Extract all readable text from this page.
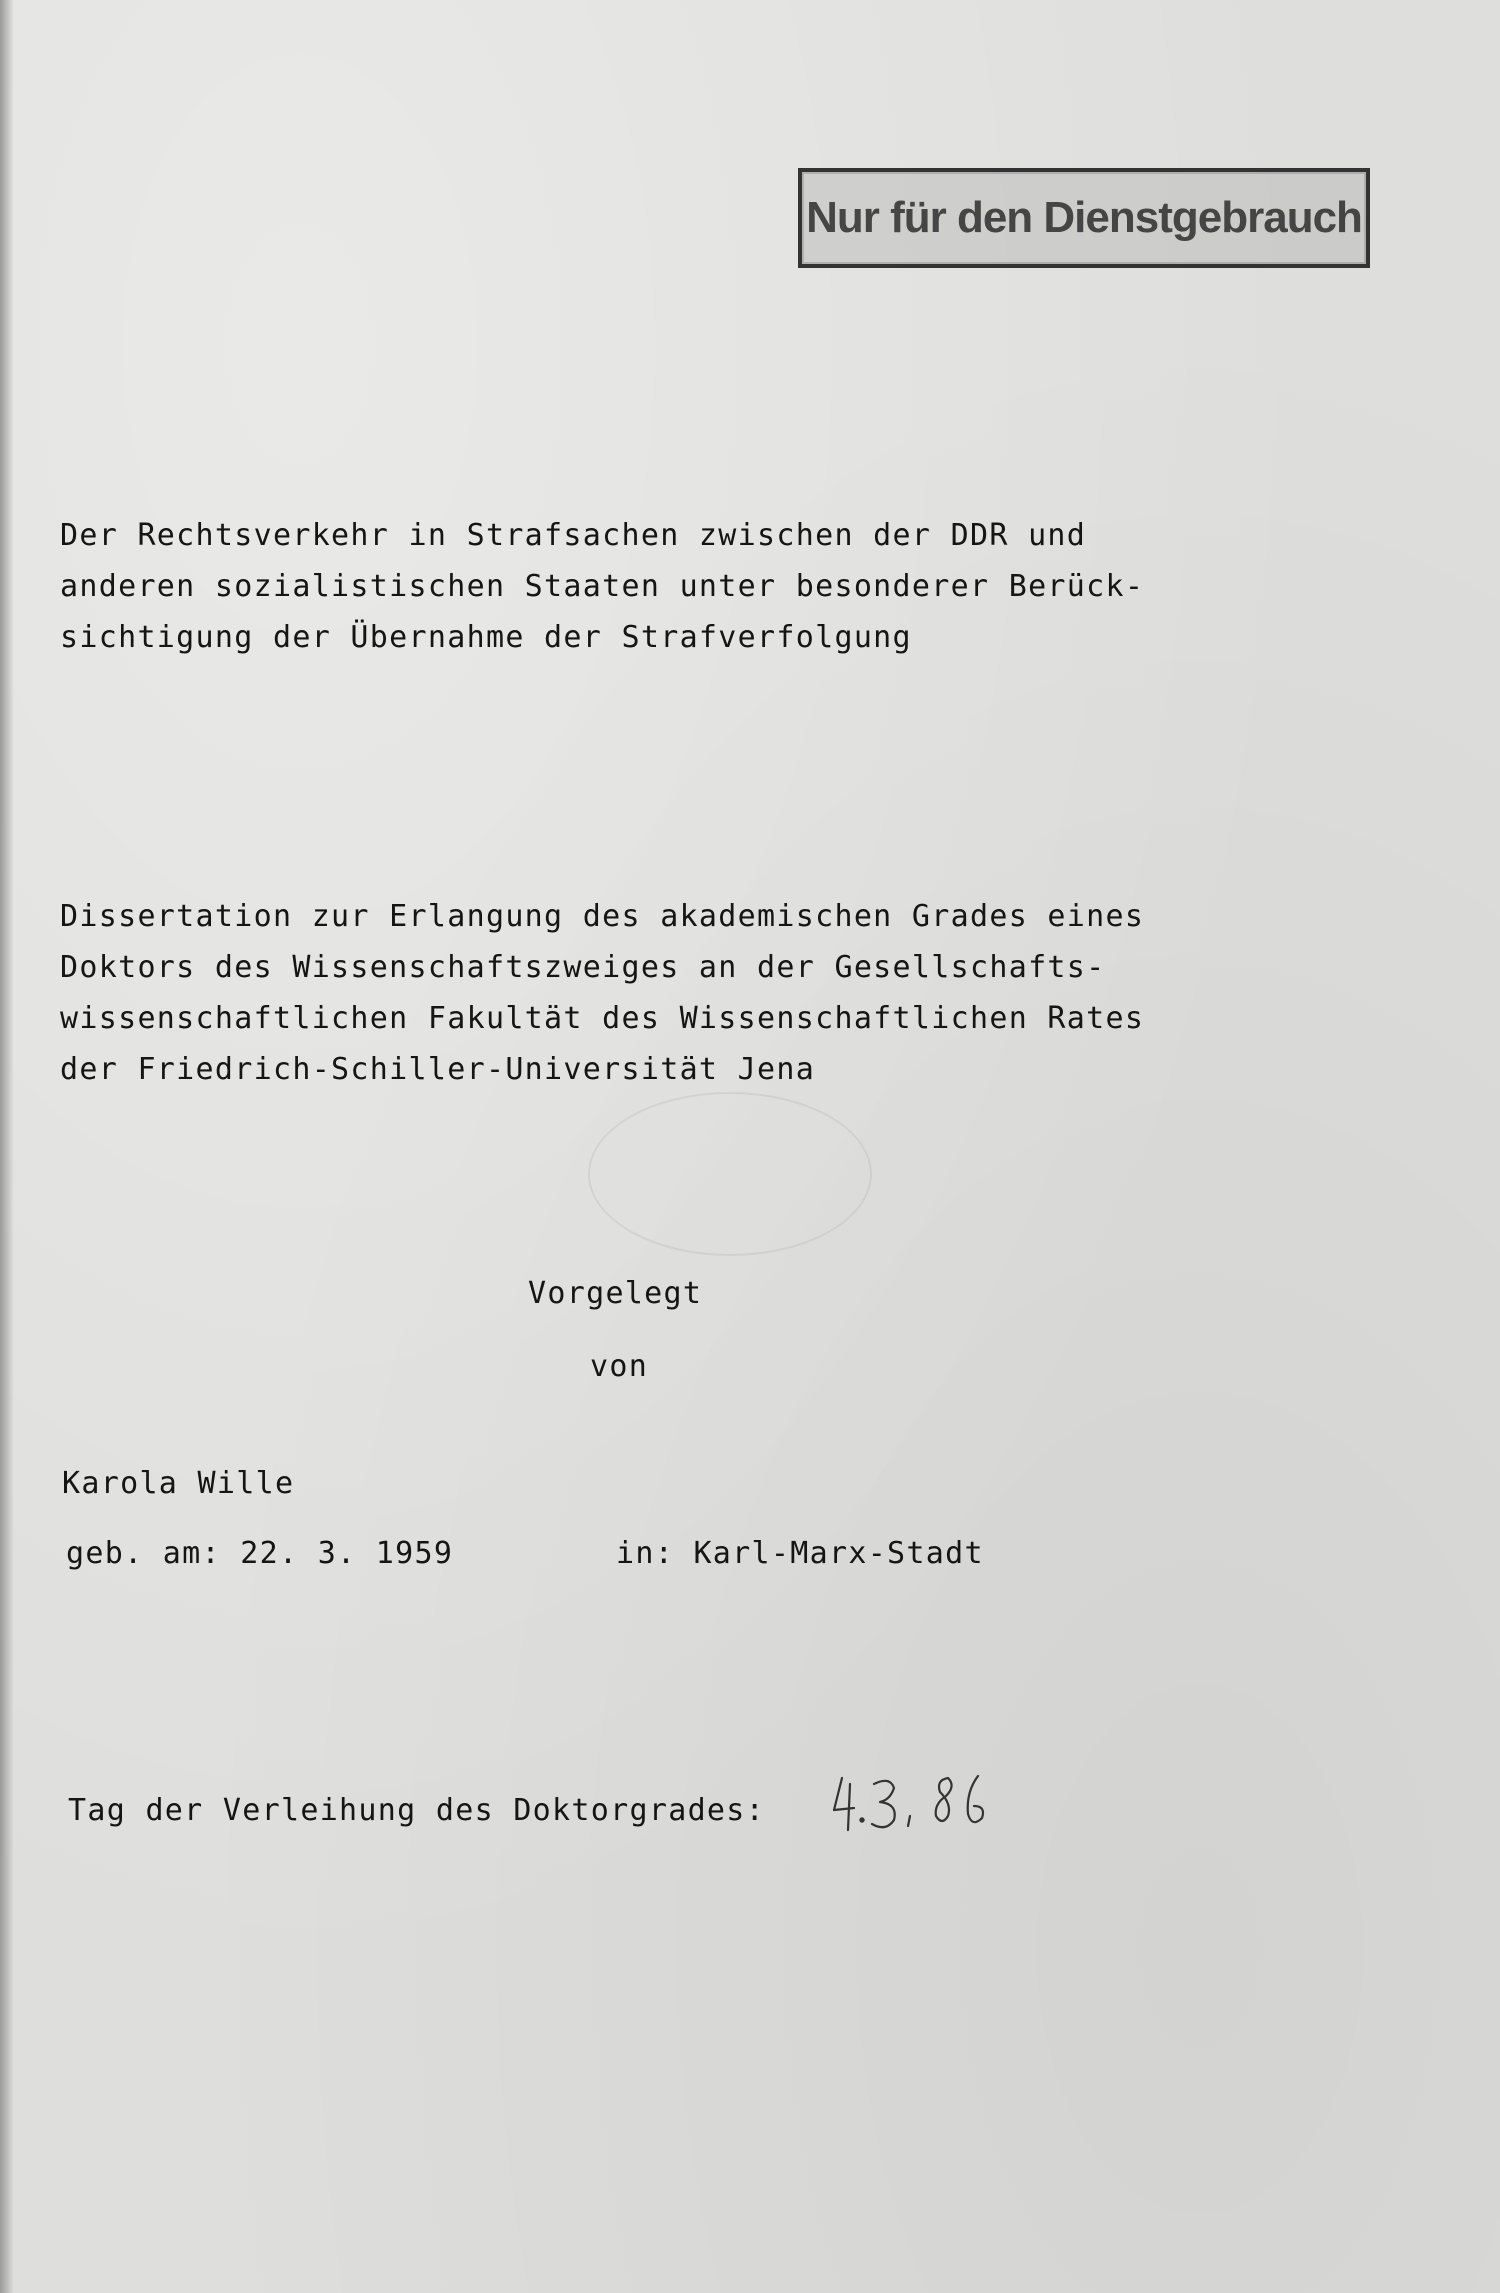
Nur für den Dienstgebrauch
Der Rechtsverkehr in Strafsachen zwischen der DDR und
anderen sozialistischen Staaten unter besonderer Berück-
sichtigung der Übernahme der Strafverfolgung
Dissertation zur Erlangung des akademischen Grades eines
Doktors des Wissenschaftszweiges an der Gesellschafts-
wissenschaftlichen Fakultät des Wissenschaftlichen Rates
der Friedrich-Schiller-Universität Jena
Vorgelegt
von
Karola Wille
geb. am: 22. 3. 1959	in: Karl-Marx-Stadt
Tag der Verleihung des Doktorgrades:
